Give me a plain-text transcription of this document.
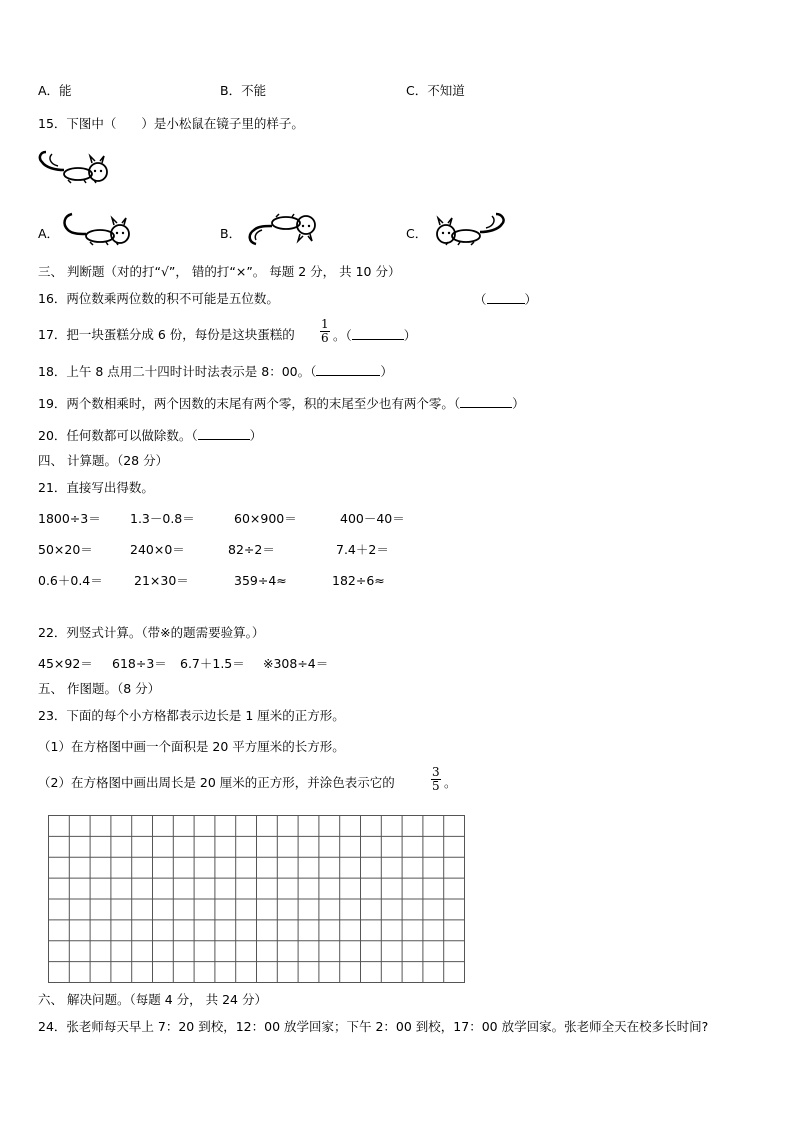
A．能	B．不能	C．不知道
15．下图中（　　）是小松鼠在镜子里的样子。
A．	B．	C．
三、 判断题（对的打“√”， 错的打“×”。 每题 2 分， 共 10 分）
16．两位数乘两位数的积不可能是五位数。	（	）
17．把一块蛋糕分成 6 份，每份是这块蛋糕的
1
6 。（	）
18．上午 8 点用二十四时计时法表示是 8：00。（	）
19．两个数相乘时，两个因数的末尾有两个零，积的末尾至少也有两个零。（	）
20．任何数都可以做除数。（	）
四、 计算题。（28 分）
21．直接写出得数。
1800÷3＝ 1.3－0.8＝	60×900＝	400－40＝
50×20＝	240×0＝	82÷2＝	7.4＋2＝
0.6＋0.4＝ 21×30＝	359÷4≈	182÷6≈
22．列竖式计算。（带※的题需要验算。）
45×92＝ 618÷3＝ 6.7＋1.5＝ ※308÷4＝
五、 作图题。（8 分）
23．下面的每个小方格都表示边长是 1 厘米的正方形。
（1）在方格图中画一个面积是 20 平方厘米的长方形。
（2）在方格图中画出周长是 20 厘米的正方形，并涂色表示它的
3
5 。
六、 解决问题。（每题 4 分， 共 24 分）
24．张老师每天早上 7：20 到校，12：00 放学回家；下午 2：00 到校，17：00 放学回家。张老师全天在校多长时间?
